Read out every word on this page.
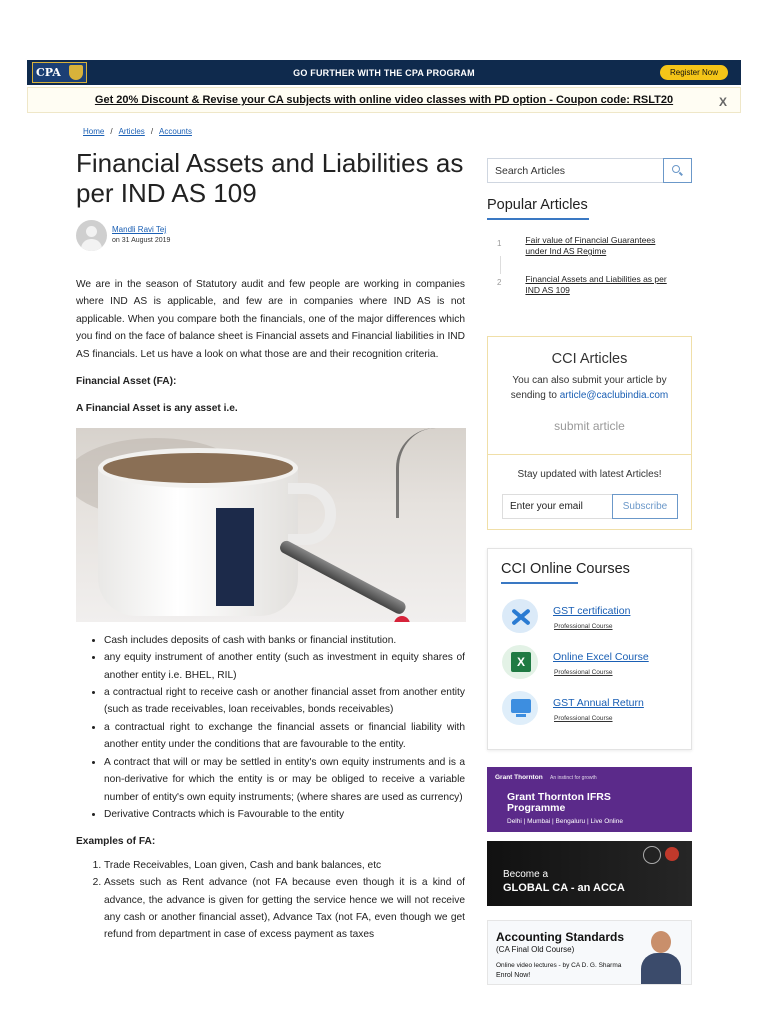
CPA	GO FURTHER WITH THE CPA PROGRAM	Register Now
Get 20% Discount & Revise your CA subjects with online video classes with PD option - Coupon code: RSLT20	X
Home / Articles / Accounts
Financial Assets and Liabilities as per IND AS 109
Mandli Ravi Tej
on 31 August 2019

We are in the season of Statutory audit and few people are working in companies where IND AS is applicable, and few are in companies where IND AS is not applicable. When you compare both the financials, one of the major differences which you find on the face of balance sheet is Financial assets and Financial liabilities in IND AS financials. Let us have a look on what those are and their recognition criteria.

Financial Asset (FA):

A Financial Asset is any asset i.e.

• Cash includes deposits of cash with banks or financial institution.
• any equity instrument of another entity (such as investment in equity shares of another entity i.e. BHEL, RIL)
• a contractual right to receive cash or another financial asset from another entity (such as trade receivables, loan receivables, bonds receivables)
• a contractual right to exchange the financial assets or financial liability with another entity under the conditions that are favourable to the entity.
• A contract that will or may be settled in entity's own equity instruments and is a non-derivative for which the entity is or may be obliged to receive a variable number of entity's own equity instruments; (where shares are used as currency)
• Derivative Contracts which is Favourable to the entity

Examples of FA:

1. Trade Receivables, Loan given, Cash and bank balances, etc
2. Assets such as Rent advance (not FA because even though it is a kind of advance, the advance is given for getting the service hence we will not receive any cash or another financial asset), Advance Tax (not FA, even though we get refund from department in case of excess payment as taxes
Search Articles
Popular Articles
1	Fair value of Financial Guarantees under Ind AS Regime
2	Financial Assets and Liabilities as per IND AS 109
CCI Articles
You can also submit your article by sending to article@caclubindia.com
submit article
Stay updated with latest Articles!
Enter your email
Subscribe
CCI Online Courses
GST certification
Professional Course
X	Online Excel Course
Professional Course
GST Annual Return
Professional Course
Grant Thornton An instinct for growth
Grant Thornton IFRS Programme
Delhi | Mumbai | Bengaluru | Live Online
Become a
GLOBAL CA - an ACCA
Accounting Standards
(CA Final Old Course)
Online video lectures - by CA D. G. Sharma
Enrol Now!
